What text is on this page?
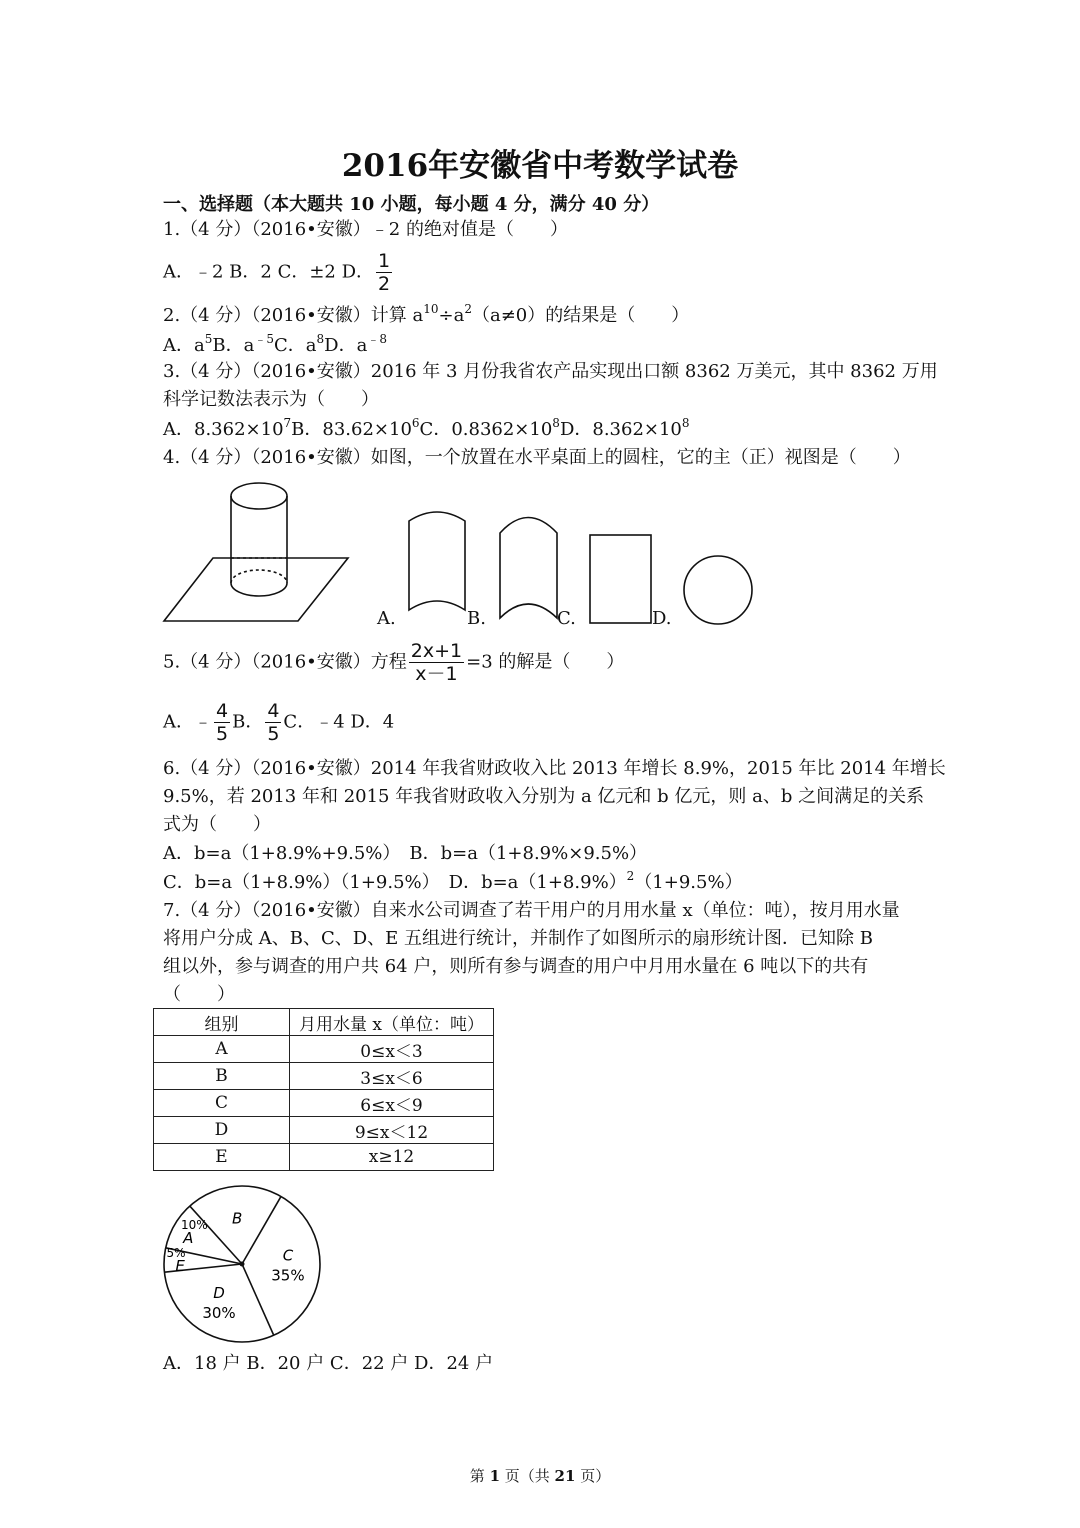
2016年安徽省中考数学试卷
一、选择题（本大题共 10 小题，每小题 4 分，满分 40 分）
1.（4 分）（2016•安徽）﹣2 的绝对值是（　　）
A．﹣2 B．2 C．±2 D． $\frac{1}{2}$
2.（4 分）（2016•安徽）计算 $a^{10}\div a^2(a\ne 0)$的结果是（　　）
A．$a^5B$．$a^{﹣5}C$．$a^8D$．$a^{﹣8}$
3.（4 分）（2016•安徽）2016 年 3 月份我省农产品实现出口额 8362 万美元，其中 8362 万用
科学记数法表示为（　　）
A．$8.362\times 10^7B$．$83.62\times 10^6C$．$0.8362\times 10^8D$．$8.362\times 10^8$
4.（4 分）（2016•安徽）如图，一个放置在水平桌面上的圆柱，它的主（正）视图是（　　）
A.	B.	C.	D.
5.（4 分）（2016•安徽）方程 $\frac{2x+1}{x-1} =3$ 的解是（　　）
A．﹣ $\frac{4}{5}$ B． $\frac{4}{5}$ C．﹣4 D．4
6.（4 分）（2016•安徽）2014 年我省财政收入比 2013 年增长 8.9%，2015 年比 2014 年增长
9.5%，若 2013 年和 2015 年我省财政收入分别为 a 亿元和 b 亿元，则 a、b 之间满足的关系
式为（　　）
A．b=a（1+8.9%+9.5%）　B．b=a（1+8.9%×9.5%）
C．b=a（1+8.9%）（1+9.5%）　D．$b=a(1+8.9\%)^2(1+9.5\%)$
7.（4 分）（2016•安徽）自来水公司调查了若干用户的月用水量 x（单位：吨），按月用水量
将用户分成 A、B、C、D、E 五组进行统计，并制作了如图所示的扇形统计图．已知除 B
组以外，参与调查的用户共 64 户，则所有参与调查的用户中月用水量在 6 吨以下的共有
（　　）
组别	月用水量 x（单位：吨）
A	0≤x＜3
B	3≤x＜6
C	6≤x＜9
D	9≤x＜12
E	x≥12
E
5%
A
10% B
C
35%
D
30%
A．18 户 B．20 户 C．22 户 D．24 户
第 1 页（共 21 页）
